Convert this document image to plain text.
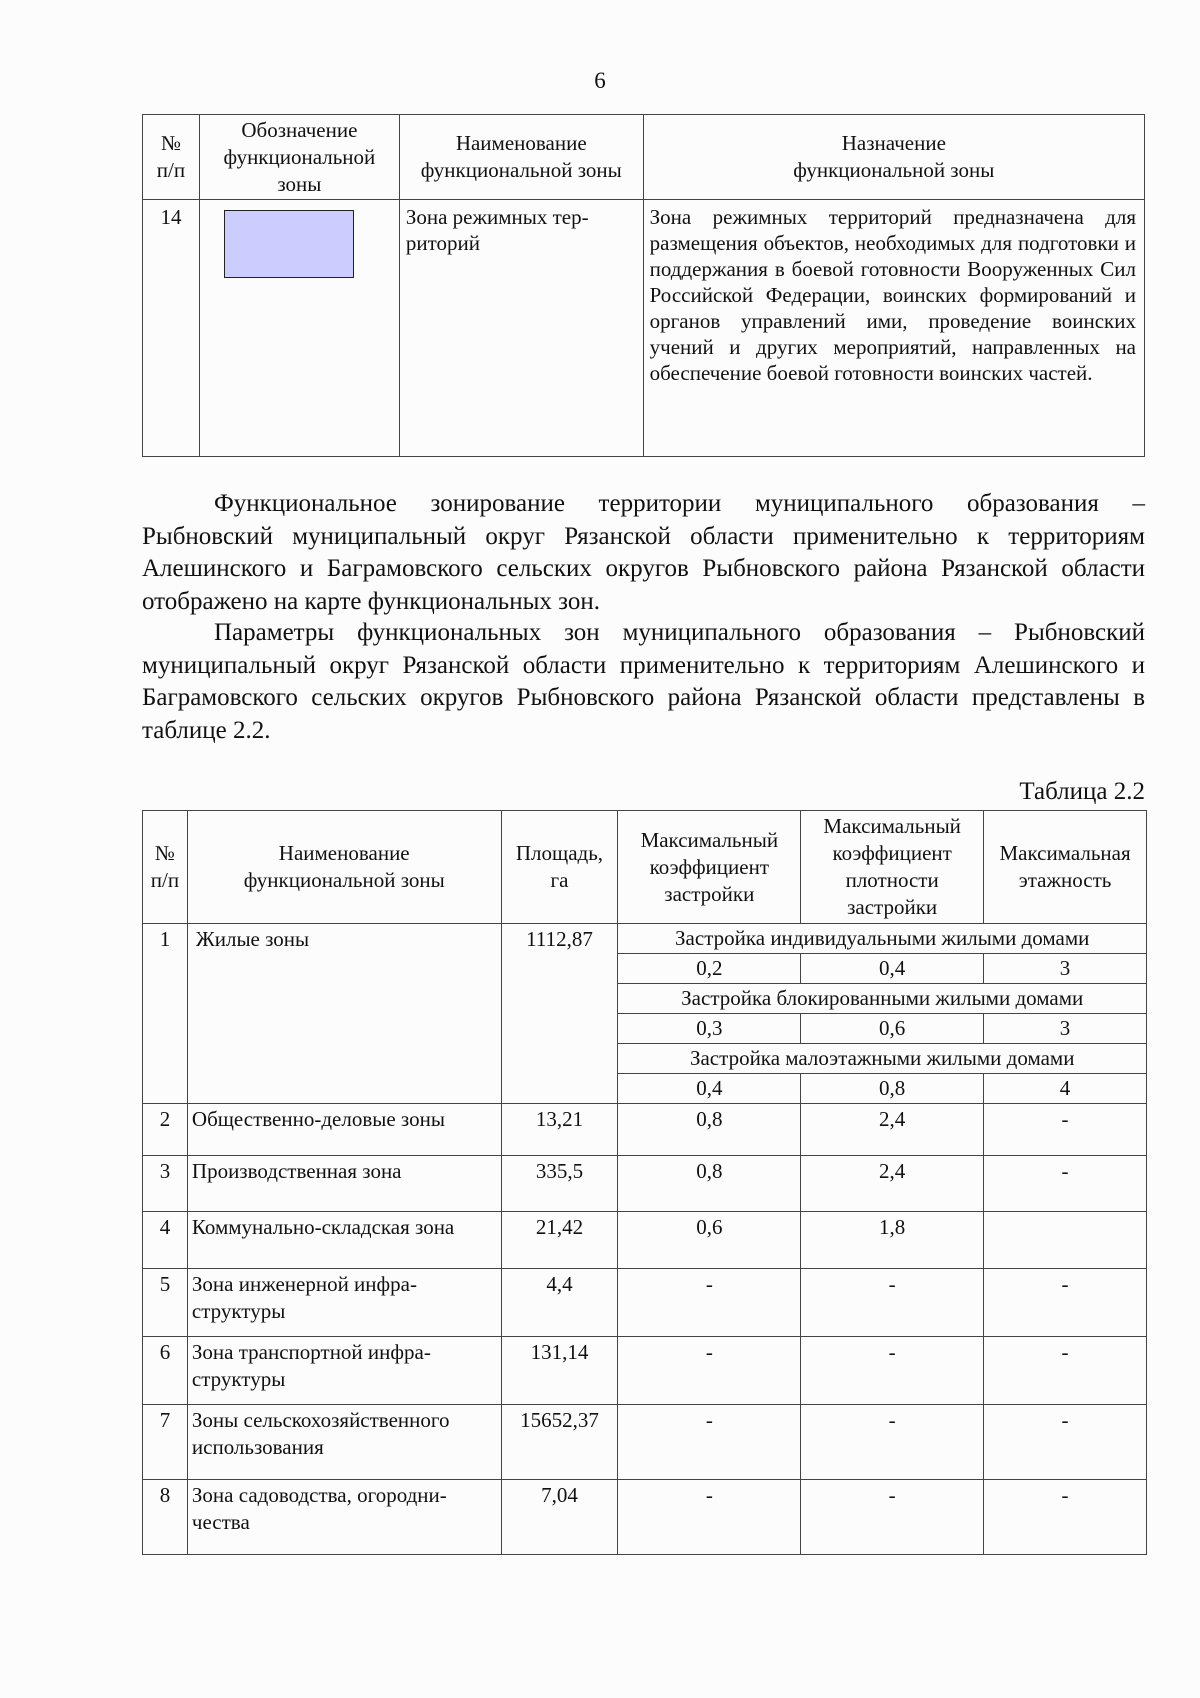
6
№
п/п	Обозначение функциональной зоны	Наименование функциональной зоны	Назначение
функциональной зоны
14		Зона режимных тер-
риторий	Зона режимных территорий предназначена для размещения объектов, необходимых для подготовки и поддержания в боевой готовности Вооруженных Сил Российской Федерации, воинских формирований и органов управлений ими, проведение воинских учений и других мероприятий, направленных на обеспечение боевой готовности воинских частей.

Функциональное зонирование территории муниципального образования – Рыбновский муниципальный округ Рязанской области применительно к территориям Алешинского и Баграмовского сельских округов Рыбновского района Рязанской области отображено на карте функциональных зон.

Параметры функциональных зон муниципального образования – Рыбновский муниципальный округ Рязанской области применительно к территориям Алешинского и Баграмовского сельских округов Рыбновского района Рязанской области представлены в таблице 2.2.

Таблица 2.2
№
п/п	Наименование
функциональной зоны	Площадь,
га	Максимальный коэффициент застройки	Максимальный коэффициент плотности застройки	Максимальная этажность
1	Жилые зоны	1112,87	Застройка индивидуальными жилыми домами		
			0,2	0,4	3
			Застройка блокированными жилыми домами		
			0,3	0,6	3
			Застройка малоэтажными жилыми домами		
			0,4	0,8	4
2	Общественно-деловые зоны	13,21	0,8	2,4	-
3	Производственная зона	335,5	0,8	2,4	-
4	Коммунально-складская зона	21,42	0,6	1,8	
5	Зона инженерной инфра-
структуры	4,4	-	-	-
6	Зона транспортной инфра-
структуры	131,14	-	-	-
7	Зоны сельскохозяйственного
использования	15652,37	-	-	-
8	Зона садоводства, огородни-
чества	7,04	-	-	-
